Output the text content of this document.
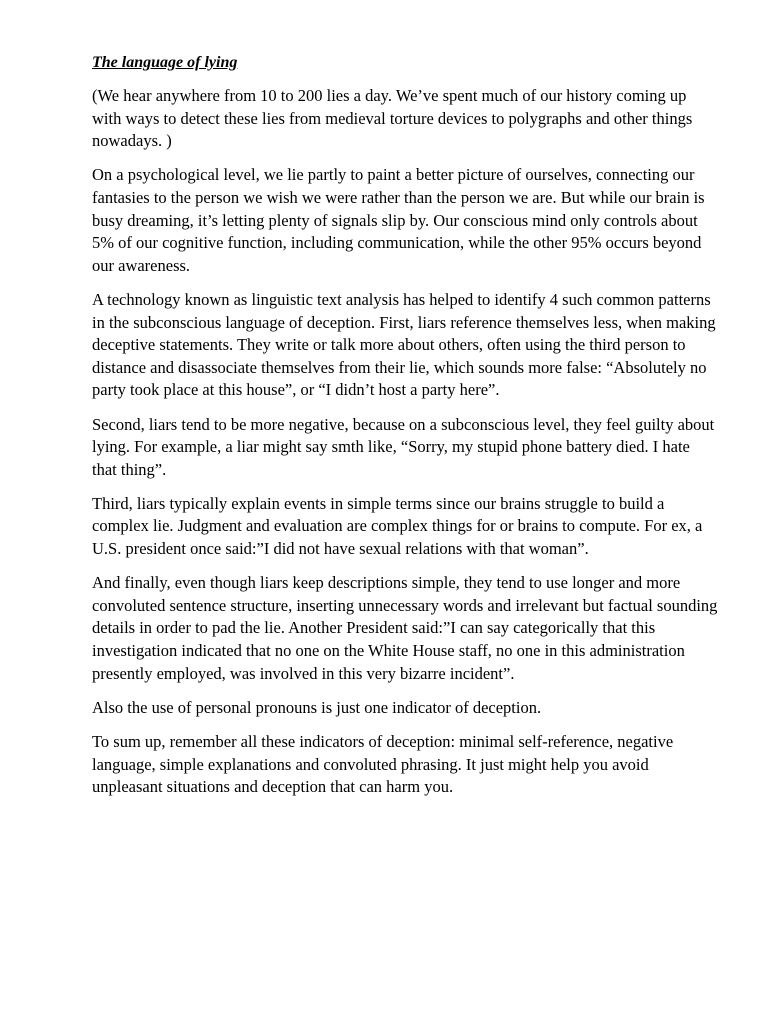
The language of lying

(We hear anywhere from 10 to 200 lies a day. We’ve spent much of our history coming up with ways to detect these lies from medieval torture devices to polygraphs and other things nowadays. )

On a psychological level, we lie partly to paint a better picture of ourselves, connecting our fantasies to the person we wish we were rather than the person we are. But while our brain is busy dreaming, it’s letting plenty of signals slip by. Our conscious mind only controls about 5% of our cognitive function, including communication, while the other 95% occurs beyond our awareness.

A technology known as linguistic text analysis has helped to identify 4 such common patterns in the subconscious language of deception. First, liars reference themselves less, when making deceptive statements. They write or talk more about others, often using the third person to distance and disassociate themselves from their lie, which sounds more false: “Absolutely no party took place at this house”, or “I didn’t host a party here”.

Second, liars tend to be more negative, because on a subconscious level, they feel guilty about lying. For example, a liar might say smth like, “Sorry, my stupid phone battery died. I hate that thing”.

Third, liars typically explain events in simple terms since our brains struggle to build a complex lie. Judgment and evaluation are complex things for or brains to compute. For ex, a U.S. president once said:”I did not have sexual relations with that woman”.

And finally, even though liars keep descriptions simple, they tend to use longer and more convoluted sentence structure, inserting unnecessary words and irrelevant but factual sounding details in order to pad the lie. Another President said:”I can say categorically that this investigation indicated that no one on the White House staff, no one in this administration presently employed, was involved in this very bizarre incident”.

Also the use of personal pronouns is just one indicator of deception.

To sum up, remember all these indicators of deception: minimal self-reference, negative language, simple explanations and convoluted phrasing. It just might help you avoid unpleasant situations and deception that can harm you.
